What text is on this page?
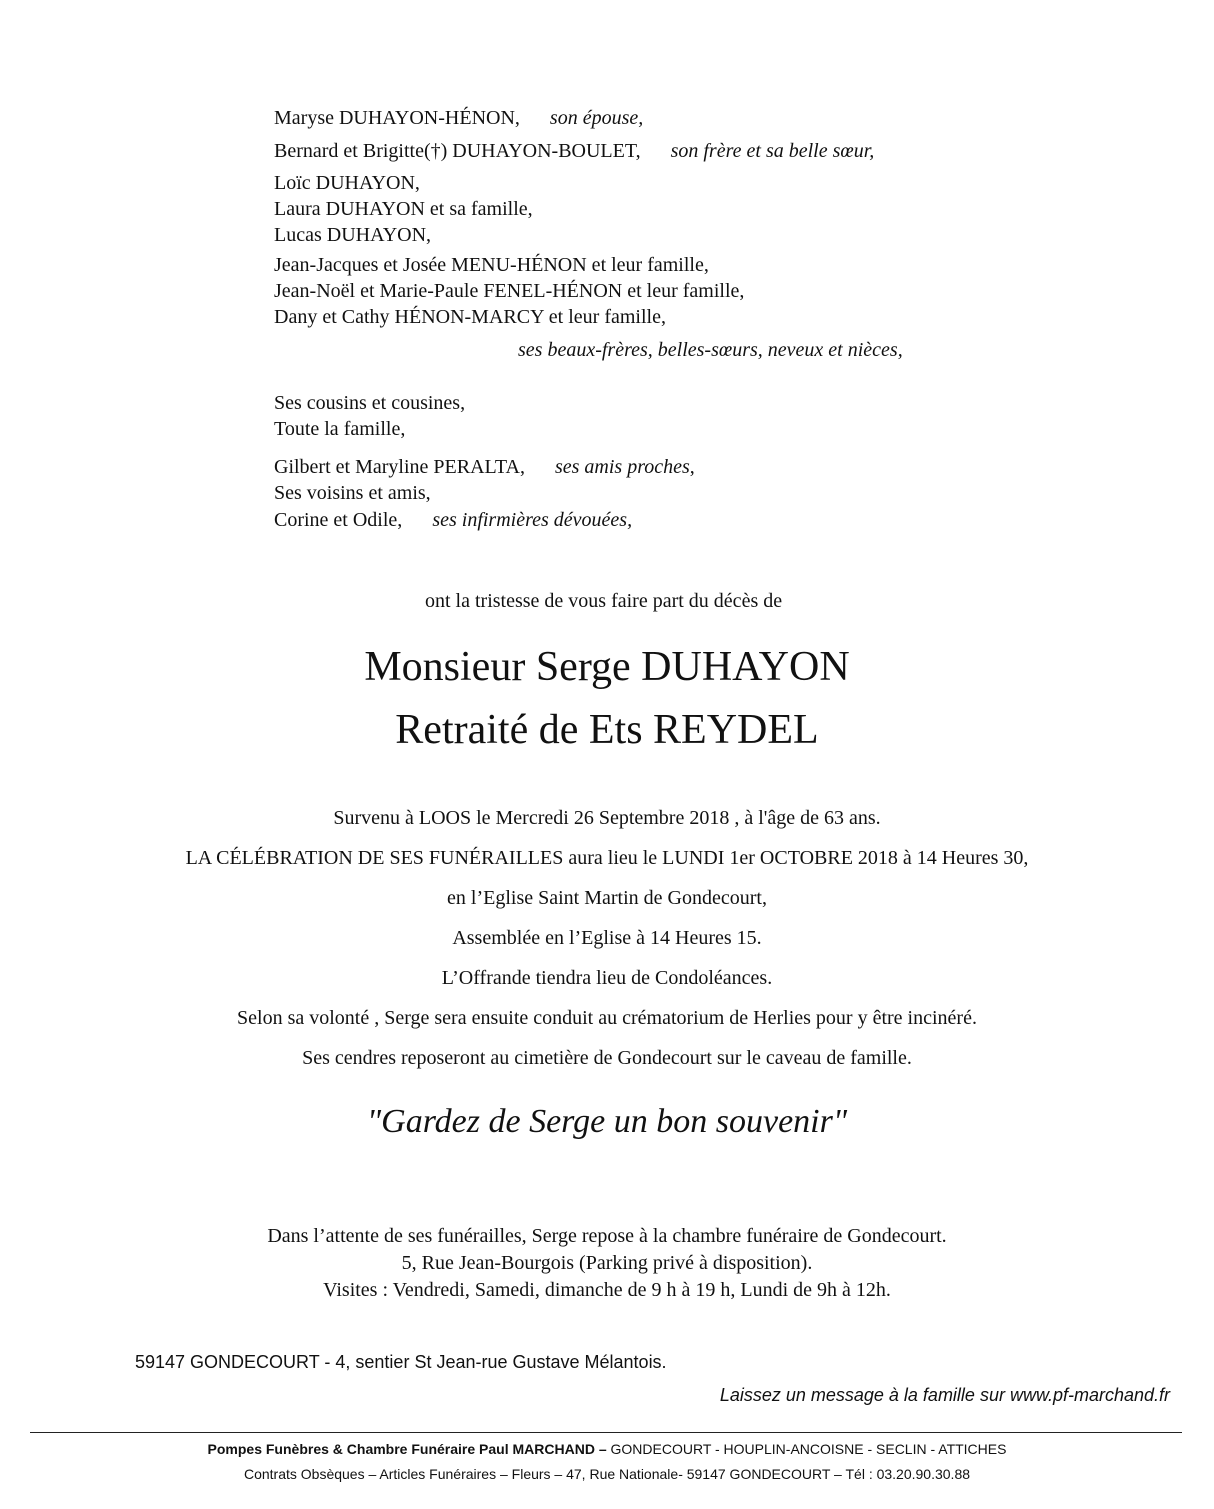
Maryse DUHAYON-HÉNON, son épouse,
Bernard et Brigitte(†) DUHAYON-BOULET, son frère et sa belle sœur,
Loïc DUHAYON,
Laura DUHAYON et sa famille,
Lucas DUHAYON,
Jean-Jacques et Josée MENU-HÉNON et leur famille,
Jean-Noël et Marie-Paule FENEL-HÉNON et leur famille,
Dany et Cathy HÉNON-MARCY et leur famille,
ses beaux-frères, belles-sœurs, neveux et nièces,
Ses cousins et cousines,
Toute la famille,
Gilbert et Maryline PERALTA, ses amis proches,
Ses voisins et amis,
Corine et Odile, ses infirmières dévouées,
ont la tristesse de vous faire part du décès de
Monsieur Serge DUHAYON
Retraité de Ets REYDEL
Survenu à LOOS le Mercredi 26 Septembre 2018 , à l'âge de 63 ans.
LA CÉLÉBRATION DE SES FUNÉRAILLES aura lieu le LUNDI 1er OCTOBRE 2018 à 14 Heures 30,
en l’Eglise Saint Martin de Gondecourt,
Assemblée en l’Eglise à 14 Heures 15.
L’Offrande tiendra lieu de Condoléances.
Selon sa volonté , Serge sera ensuite conduit au crématorium de Herlies pour y être incinéré.
Ses cendres reposeront au cimetière de Gondecourt sur le caveau de famille.
"Gardez de Serge un bon souvenir"
Dans l’attente de ses funérailles, Serge repose à la chambre funéraire de Gondecourt.
5, Rue Jean-Bourgois (Parking privé à disposition).
Visites : Vendredi, Samedi, dimanche de 9 h à 19 h, Lundi de 9h à 12h.
59147 GONDECOURT - 4, sentier St Jean-rue Gustave Mélantois.
Laissez un message à la famille sur www.pf-marchand.fr
Pompes Funèbres & Chambre Funéraire Paul MARCHAND – GONDECOURT - HOUPLIN-ANCOISNE - SECLIN - ATTICHES
Contrats Obsèques – Articles Funéraires – Fleurs – 47, Rue Nationale- 59147 GONDECOURT – Tél : 03.20.90.30.88
